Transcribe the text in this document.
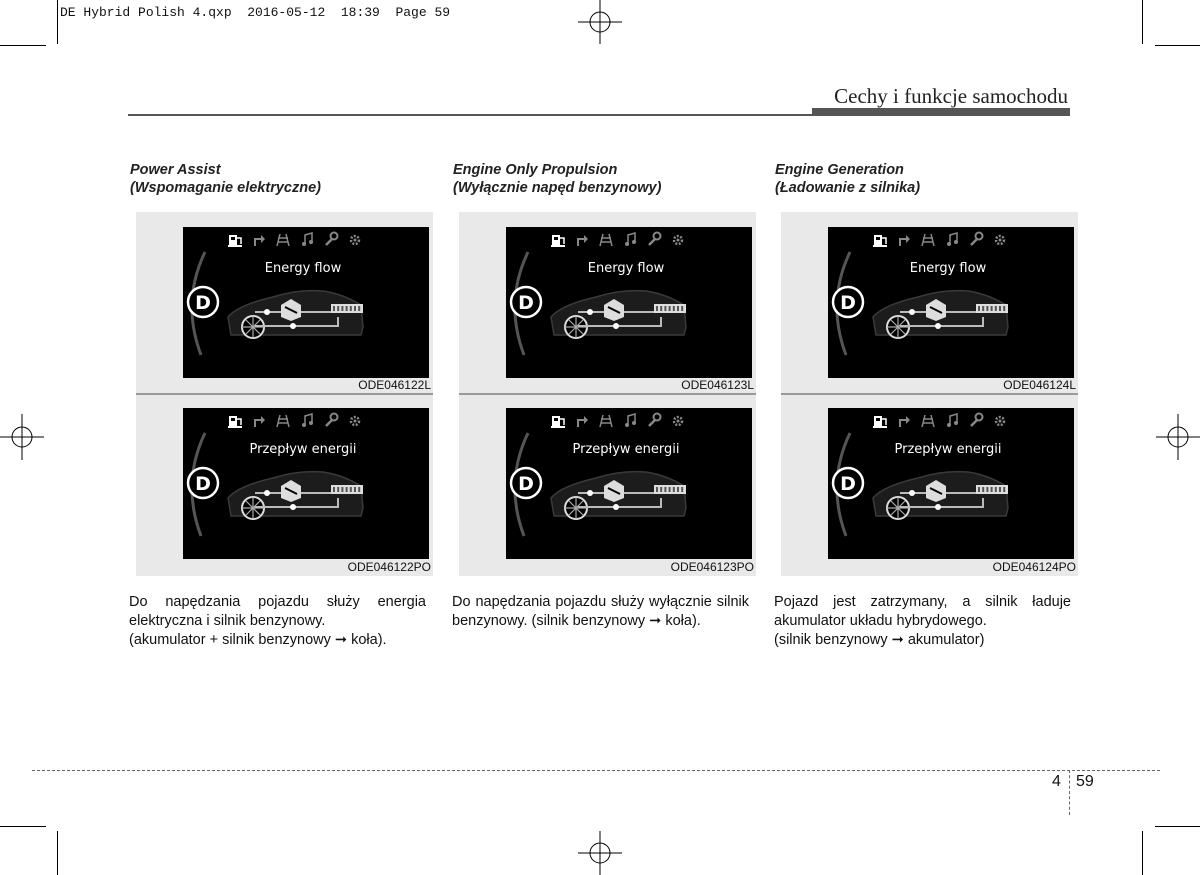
DE Hybrid Polish 4.qxp  2016-05-12  18:39  Page 59
Cechy i funkcje samochodu
Power Assist
(Wspomaganie elektryczne)
D
Energy flow
D
Przepływ energii
ODE046122L
ODE046122PO

Do napędzania pojazdu służy energia elektryczna i silnik benzynowy.

(akumulator + silnik benzynowy ➞ koła).

Engine Only Propulsion
(Wyłącznie napęd benzynowy)
D
Energy flow
D
Przepływ energii
ODE046123L
ODE046123PO

Do napędzania pojazdu służy wyłącznie silnik benzynowy. (silnik benzynowy ➞ koła).

Engine Generation
(Ładowanie z silnika)
D
Energy flow
D
Przepływ energii
ODE046124L
ODE046124PO

Pojazd jest zatrzymany, a silnik ładuje akumulator układu hybrydowego.

(silnik benzynowy ➞ akumulator)

4 59
